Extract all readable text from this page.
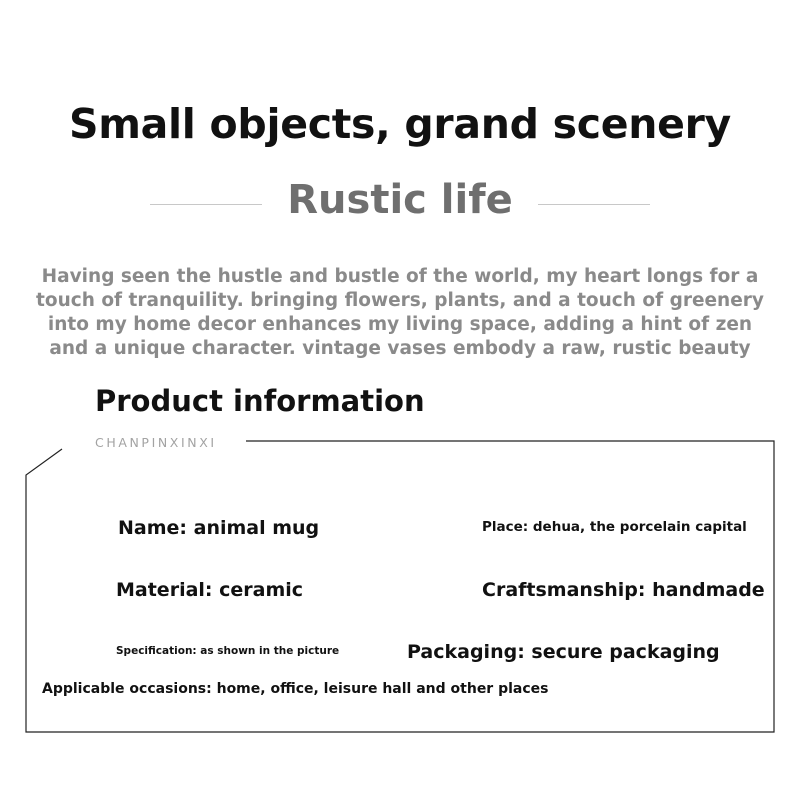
Small objects, grand scenery
Rustic life
Having seen the hustle and bustle of the world, my heart longs for a
touch of tranquility. bringing flowers, plants, and a touch of greenery
into my home decor enhances my living space, adding a hint of zen
and a unique character. vintage vases embody a raw, rustic beauty
Product information
CHANPINXINXI
Name: animal mug	Place: dehua, the porcelain capital
Material: ceramic	Craftsmanship: handmade
Specification: as shown in the picture	Packaging: secure packaging
Applicable occasions: home, office, leisure hall and other places
